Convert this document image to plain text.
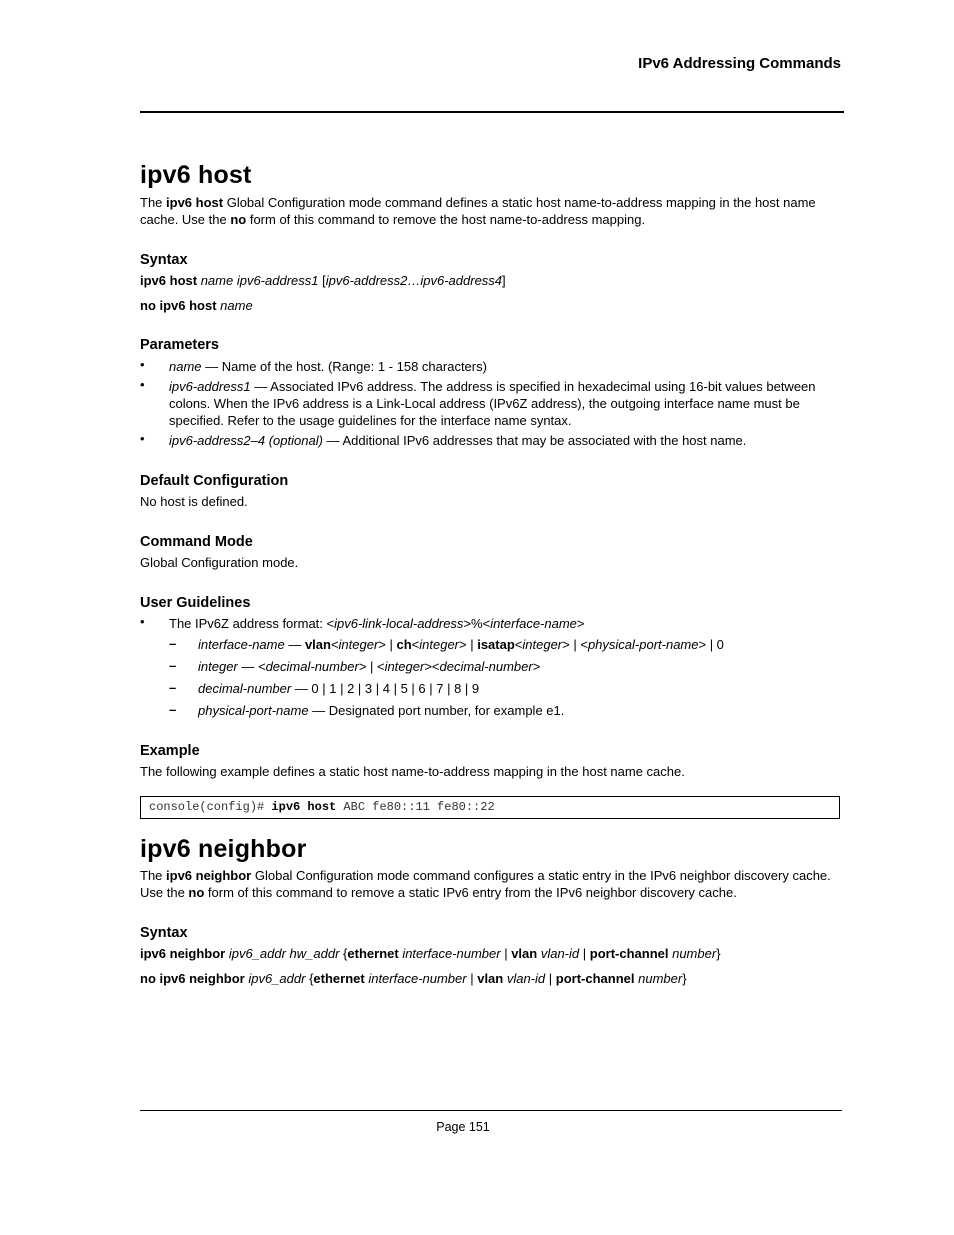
IPv6 Addressing Commands
ipv6 host
The ipv6 host Global Configuration mode command defines a static host name-to-address mapping in the host name cache. Use the no form of this command to remove the host name-to-address mapping.
Syntax
ipv6 host name ipv6-address1 [ipv6-address2…ipv6-address4]
no ipv6 host name
Parameters
• name — Name of the host. (Range: 1 - 158 characters)
• ipv6-address1 — Associated IPv6 address. The address is specified in hexadecimal using 16-bit values between colons. When the IPv6 address is a Link-Local address (IPv6Z address), the outgoing interface name must be specified. Refer to the usage guidelines for the interface name syntax.
• ipv6-address2–4 (optional) — Additional IPv6 addresses that may be associated with the host name.
Default Configuration
No host is defined.
Command Mode
Global Configuration mode.
User Guidelines
• The IPv6Z address format: <ipv6-link-local-address>%<interface-name>
– interface-name — vlan<integer> | ch<integer> | isatap<integer> | <physical-port-name> | 0
– integer — <decimal-number> | <integer><decimal-number>
– decimal-number — 0 | 1 | 2 | 3 | 4 | 5 | 6 | 7 | 8 | 9
– physical-port-name — Designated port number, for example e1.
Example
The following example defines a static host name-to-address mapping in the host name cache.
console(config)# ipv6 host ABC fe80::11 fe80::22
ipv6 neighbor
The ipv6 neighbor Global Configuration mode command configures a static entry in the IPv6 neighbor discovery cache. Use the no form of this command to remove a static IPv6 entry from the IPv6 neighbor discovery cache.
Syntax
ipv6 neighbor ipv6_addr hw_addr {ethernet interface-number | vlan vlan-id | port-channel number}
no ipv6 neighbor ipv6_addr {ethernet interface-number | vlan vlan-id | port-channel number}
Page 151
